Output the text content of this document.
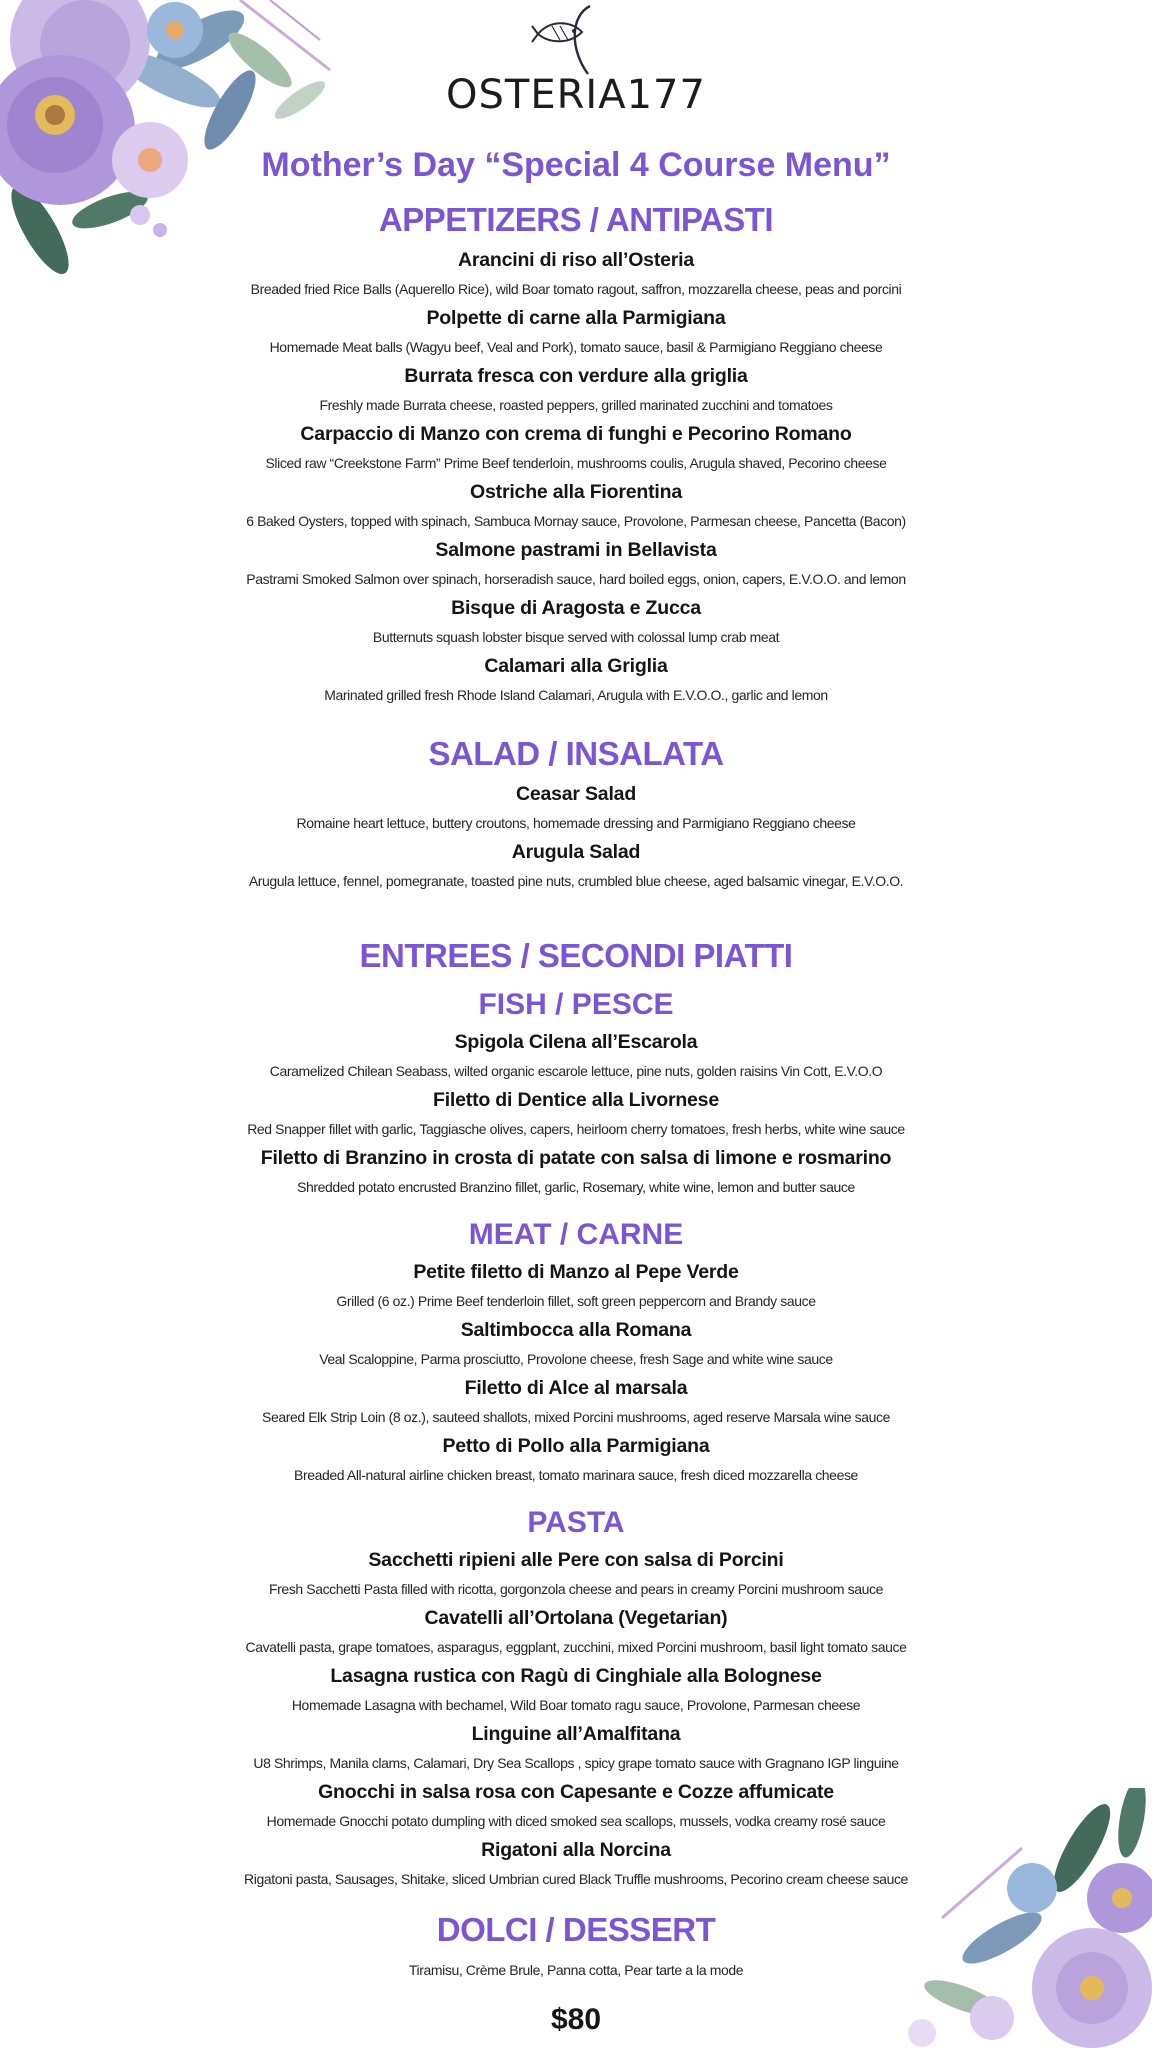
OSTERIA177
Mother’s Day “Special 4 Course Menu”
APPETIZERS / ANTIPASTI
Arancini di riso all’Osteria
Breaded fried Rice Balls (Aquerello Rice), wild Boar tomato ragout, saffron, mozzarella cheese, peas and porcini
Polpette di carne alla Parmigiana
Homemade Meat balls (Wagyu beef, Veal and Pork), tomato sauce, basil & Parmigiano Reggiano cheese
Burrata fresca con verdure alla griglia
Freshly made Burrata cheese, roasted peppers, grilled marinated zucchini and tomatoes
Carpaccio di Manzo con crema di funghi e Pecorino Romano
Sliced raw “Creekstone Farm” Prime Beef tenderloin, mushrooms coulis, Arugula shaved, Pecorino cheese
Ostriche alla Fiorentina
6 Baked Oysters, topped with spinach, Sambuca Mornay sauce, Provolone, Parmesan cheese, Pancetta (Bacon)
Salmone pastrami in Bellavista
Pastrami Smoked Salmon over spinach, horseradish sauce, hard boiled eggs, onion, capers, E.V.O.O. and lemon
Bisque di Aragosta e Zucca
Butternuts squash lobster bisque served with colossal lump crab meat
Calamari alla Griglia
Marinated grilled fresh Rhode Island Calamari, Arugula with E.V.O.O., garlic and lemon
SALAD / INSALATA
Ceasar Salad
Romaine heart lettuce, buttery croutons, homemade dressing and Parmigiano Reggiano cheese
Arugula Salad
Arugula lettuce, fennel, pomegranate, toasted pine nuts, crumbled blue cheese, aged balsamic vinegar, E.V.O.O.
ENTREES / SECONDI PIATTI
FISH / PESCE
Spigola Cilena all’Escarola
Caramelized Chilean Seabass, wilted organic escarole lettuce, pine nuts, golden raisins Vin Cott, E.V.O.O
Filetto di Dentice alla Livornese
Red Snapper fillet with garlic, Taggiasche olives, capers, heirloom cherry tomatoes, fresh herbs, white wine sauce
Filetto di Branzino in crosta di patate con salsa di limone e rosmarino
Shredded potato encrusted Branzino fillet, garlic, Rosemary, white wine, lemon and butter sauce
MEAT / CARNE
Petite filetto di Manzo al Pepe Verde
Grilled (6 oz.) Prime Beef tenderloin fillet, soft green peppercorn and Brandy sauce
Saltimbocca alla Romana
Veal Scaloppine, Parma prosciutto, Provolone cheese, fresh Sage and white wine sauce
Filetto di Alce al marsala
Seared Elk Strip Loin (8 oz.), sauteed shallots, mixed Porcini mushrooms, aged reserve Marsala wine sauce
Petto di Pollo alla Parmigiana
Breaded All-natural airline chicken breast, tomato marinara sauce, fresh diced mozzarella cheese
PASTA
Sacchetti ripieni alle Pere con salsa di Porcini
Fresh Sacchetti Pasta filled with ricotta, gorgonzola cheese and pears in creamy Porcini mushroom sauce
Cavatelli all’Ortolana (Vegetarian)
Cavatelli pasta, grape tomatoes, asparagus, eggplant, zucchini, mixed Porcini mushroom, basil light tomato sauce
Lasagna rustica con Ragù di Cinghiale alla Bolognese
Homemade Lasagna with bechamel, Wild Boar tomato ragu sauce, Provolone, Parmesan cheese
Linguine all’Amalfitana
U8 Shrimps, Manila clams, Calamari, Dry Sea Scallops , spicy grape tomato sauce with Gragnano IGP linguine
Gnocchi in salsa rosa con Capesante e Cozze affumicate
Homemade Gnocchi potato dumpling with diced smoked sea scallops, mussels, vodka creamy rosé sauce
Rigatoni alla Norcina
Rigatoni pasta, Sausages, Shitake, sliced Umbrian cured Black Truffle mushrooms, Pecorino cream cheese sauce
DOLCI / DESSERT
Tiramisu, Crème Brule, Panna cotta, Pear tarte a la mode
$80
